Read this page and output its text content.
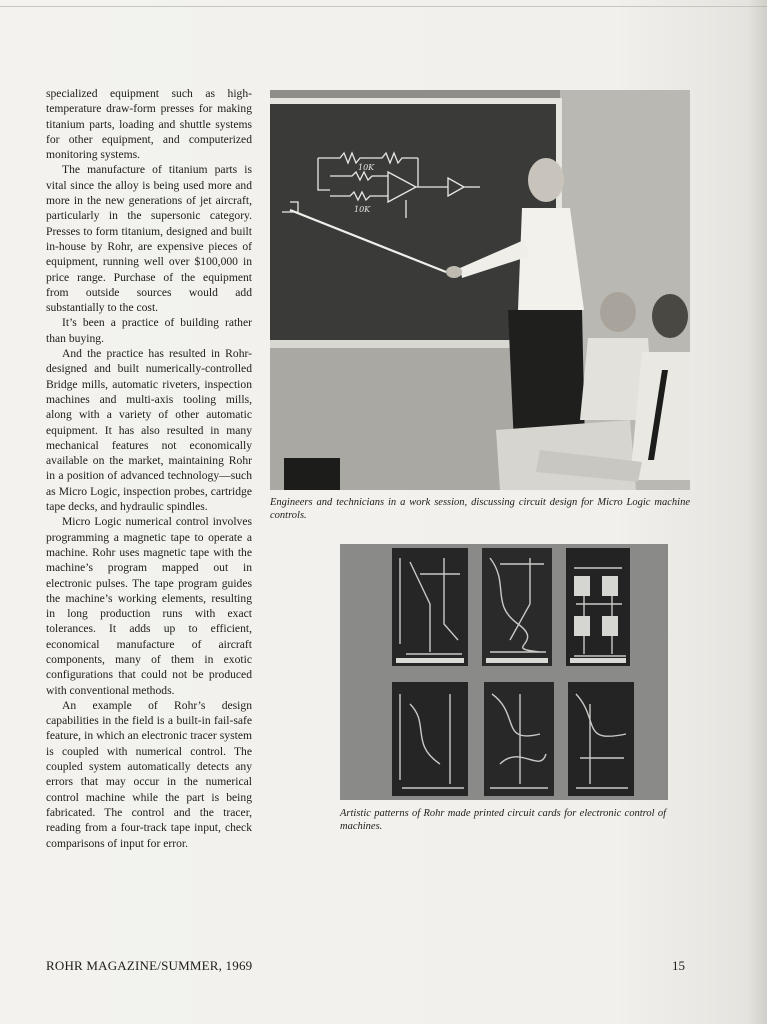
specialized equipment such as high-temperature draw-form presses for making titanium parts, loading and shuttle systems for other equipment, and computerized monitoring systems.

The manufacture of titanium parts is vital since the alloy is being used more and more in the new generations of jet aircraft, particularly in the supersonic category. Presses to form titanium, designed and built in-house by Rohr, are expensive pieces of equipment, running well over $100,000 in price range. Purchase of the equipment from outside sources would add substantially to the cost.

It’s been a practice of building rather than buying.

And the practice has resulted in Rohr-designed and built numerically-controlled Bridge mills, automatic riveters, inspection machines and multi-axis tooling mills, along with a variety of other automatic equipment. It has also resulted in many mechanical features not economically available on the market, maintaining Rohr in a position of advanced technology—such as Micro Logic, inspection probes, cartridge tape decks, and hydraulic spindles.

Micro Logic numerical control involves programming a magnetic tape to operate a machine. Rohr uses magnetic tape with the machine’s program mapped out in electronic pulses. The tape program guides the machine’s working elements, resulting in long production runs with exact tolerances. It adds up to efficient, economical manufacture of aircraft components, many of them in exotic configurations that could not be produced with conventional methods.

An example of Rohr’s design capabilities in the field is a built-in fail-safe feature, in which an electronic tracer system is coupled with numerical control. The coupled system automatically detects any errors that may occur in the numerical control machine while the part is being fabricated. The control and the tracer, reading from a four-track tape input, check comparisons of input for error.

10K
10K
Engineers and technicians in a work session, discussing circuit design for Micro Logic machine controls.
Artistic patterns of Rohr made printed circuit cards for electronic control of machines.
ROHR MAGAZINE/SUMMER, 1969	15
